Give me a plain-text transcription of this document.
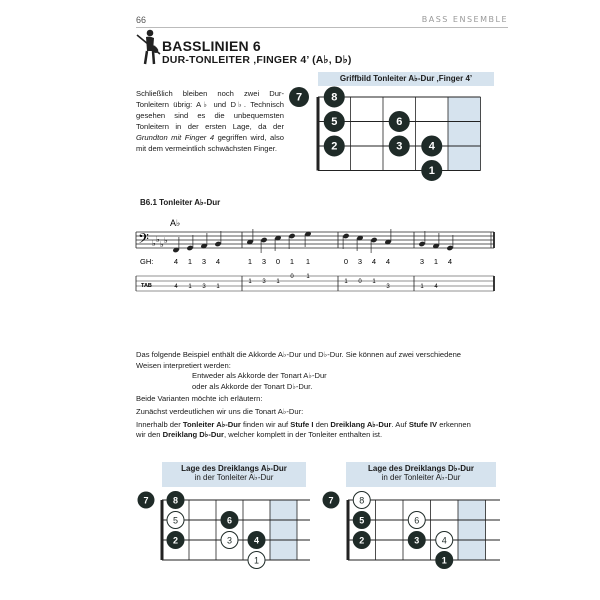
66	BASS ENSEMBLE
BASSLINIEN 6
DUR-TONLEITER ‚FINGER 4’ (A♭, D♭)
Schließlich bleiben noch zwei Dur-Tonleitern übrig: A♭ und D♭. Technisch gesehen sind es die unbequemsten Tonleitern in der ersten Lage, da der Grundton mit Finger 4 gegriffen wird, also mit dem vermeintlich schwächsten Finger.
Griffbild Tonleiter A♭-Dur ‚Finger 4’
7	8
5	6
2	3 4
1
B6.1 Tonleiter A♭-Dur
A♭
𝄢 ♭ ♭
♭ ♭
GH:	4 1 3 4	1 3 0 1 1	0 3 4 4	3 1 4
TAB	4 1 3 1
1 3 1
0 1
1 0 1
3	1 4
Das folgende Beispiel enthält die Akkorde A♭-Dur und D♭-Dur. Sie können auf zwei verschiedene
Weisen interpretiert werden:
Entweder als Akkorde der Tonart A♭-Dur
oder als Akkorde der Tonart D♭-Dur.
Beide Varianten möchte ich erläutern:
Zunächst verdeutlichen wir uns die Tonart A♭-Dur:
Innerhalb der Tonleiter A♭-Dur finden wir auf Stufe I den Dreiklang A♭-Dur. Auf Stufe IV erkennen
wir den Dreiklang D♭-Dur, welcher komplett in der Tonleiter enthalten ist.
Lage des Dreiklangs A♭-Dur
in der Tonleiter A♭-Dur
7	8
5	6
2	3 4
1
Lage des Dreiklangs D♭-Dur
in der Tonleiter A♭-Dur
7	8
5	6
2	3 4
1
